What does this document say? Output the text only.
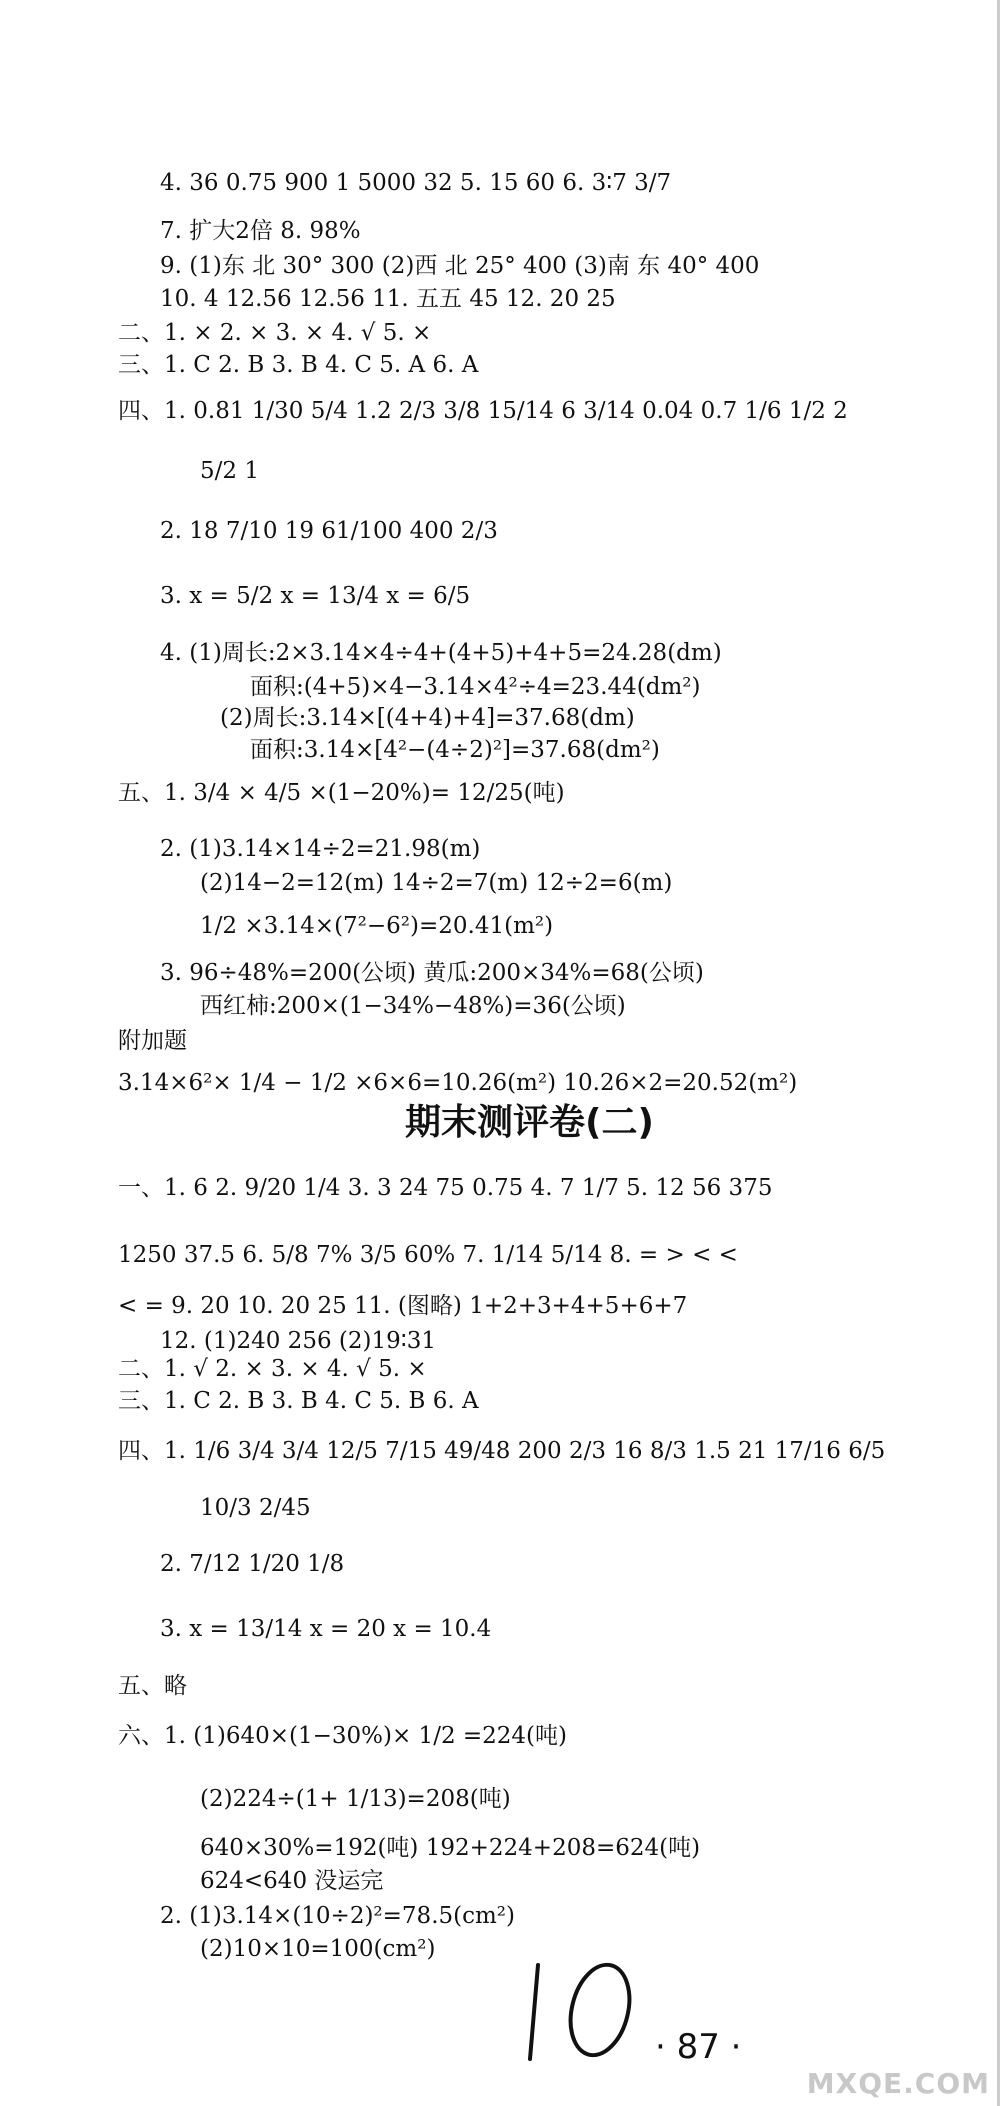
4. 36 0.75 900 1 5000 32 5. 15 60 6. 3∶7 3/7
7. 扩大2倍 8. 98%
9. (1)东 北 30° 300 (2)西 北 25° 400 (3)南 东 40° 400
10. 4 12.56 12.56 11. 五五 45 12. 20 25
二、1. × 2. × 3. × 4. √ 5. ×
三、1. C 2. B 3. B 4. C 5. A 6. A
四、1. 0.81 1/30 5/4 1.2 2/3 3/8 15/14 6 3/14 0.04 0.7 1/6 1/2 2
5/2 1
2. 18 7/10 19 61/100 400 2/3
3. x = 5/2 x = 13/4 x = 6/5
4. (1)周长:2×3.14×4÷4+(4+5)+4+5=24.28(dm)
面积:(4+5)×4−3.14×4²÷4=23.44(dm²)
(2)周长:3.14×[(4+4)+4]=37.68(dm)
面积:3.14×[4²−(4÷2)²]=37.68(dm²)
五、1. 3/4 × 4/5 ×(1−20%)= 12/25(吨)
2. (1)3.14×14÷2=21.98(m)
(2)14−2=12(m) 14÷2=7(m) 12÷2=6(m)
1/2 ×3.14×(7²−6²)=20.41(m²)
3. 96÷48%=200(公顷) 黄瓜:200×34%=68(公顷)
西红柿:200×(1−34%−48%)=36(公顷)
附加题
3.14×6²× 1/4 − 1/2 ×6×6=10.26(m²) 10.26×2=20.52(m²)
一、1. 6 2. 9/20 1/4 3. 3 24 75 0.75 4. 7 1/7 5. 12 56 375
1250 37.5 6. 5/8 7% 3/5 60% 7. 1/14 5/14 8. = > < <
< = 9. 20 10. 20 25 11. (图略) 1+2+3+4+5+6+7
12. (1)240 256 (2)19∶31
二、1. √ 2. × 3. × 4. √ 5. ×
三、1. C 2. B 3. B 4. C 5. B 6. A
四、1. 1/6 3/4 3/4 12/5 7/15 49/48 200 2/3 16 8/3 1.5 21 17/16 6/5
10/3 2/45
2. 7/12 1/20 1/8
3. x = 13/14 x = 20 x = 10.4
五、略
六、1. (1)640×(1−30%)× 1/2 =224(吨)
(2)224÷(1+ 1/13)=208(吨)
640×30%=192(吨) 192+224+208=624(吨)
624<640 没运完
2. (1)3.14×(10÷2)²=78.5(cm²)
(2)10×10=100(cm²)
期末测评卷(二)
· 87 ·
MXQE.COM
